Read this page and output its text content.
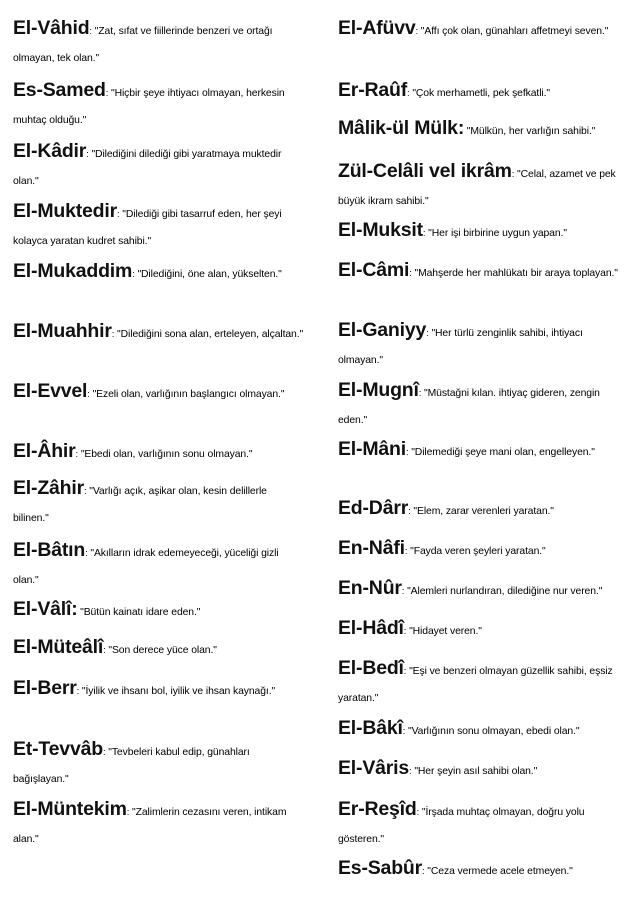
El-Vâhid: "Zat, sıfat ve fiillerinde benzeri ve ortağı olmayan, tek olan."
Es-Samed: "Hiçbir şeye ihtiyacı olmayan, herkesin muhtaç olduğu."
El-Kâdir: "Dilediğini dilediği gibi yaratmaya muktedir olan."
El-Muktedir: "Dilediği gibi tasarruf eden, her şeyi kolayca yaratan kudret sahibi."
El-Mukaddim: "Dilediğini, öne alan, yükselten."
El-Muahhir: "Dilediğini sona alan, erteleyen, alçaltan."
El-Evvel: "Ezeli olan, varlığının başlangıcı olmayan."
El-Âhir: "Ebedi olan, varlığının sonu olmayan."
El-Zâhir: "Varlığı açık, aşikar olan, kesin delillerle bilinen."
El-Bâtın: "Akılların idrak edemeyeceği, yüceliği gizli olan."
El-Vâlî: "Bütün kainatı idare eden."
El-Müteâlî: "Son derece yüce olan."
El-Berr: "İyilik ve ihsanı bol, iyilik ve ihsan kaynağı."
Et-Tevvâb: "Tevbeleri kabul edip, günahları bağışlayan."
El-Müntekim: "Zalimlerin cezasını veren, intikam alan."
El-Afüvv: "Affı çok olan, günahları affetmeyi seven."
Er-Raûf: "Çok merhametli, pek şefkatli."
Mâlik-ül Mülk: "Mülkün, her varlığın sahibi."
Zül-Celâli vel ikrâm: "Celal, azamet ve pek büyük ikram sahibi."
El-Muksit: "Her işi birbirine uygun yapan."
El-Câmi: "Mahşerde her mahlükatı bir araya toplayan."
El-Ganiyy: "Her türlü zenginlik sahibi, ihtiyacı olmayan."
El-Mugnî: "Müstağni kılan. ihtiyaç gideren, zengin eden."
El-Mâni: "Dilemediği şeye mani olan, engelleyen."
Ed-Dârr: "Elem, zarar verenleri yaratan."
En-Nâfi: "Fayda veren şeyleri yaratan."
En-Nûr: "Alemleri nurlandıran, dilediğine nur veren."
El-Hâdî: "Hidayet veren."
El-Bedî: "Eşi ve benzeri olmayan güzellik sahibi, eşsiz yaratan."
El-Bâkî: "Varlığının sonu olmayan, ebedi olan."
El-Vâris: "Her şeyin asıl sahibi olan."
Er-Reşîd: "İrşada muhtaç olmayan, doğru yolu gösteren."
Es-Sabûr: "Ceza vermede acele etmeyen."
